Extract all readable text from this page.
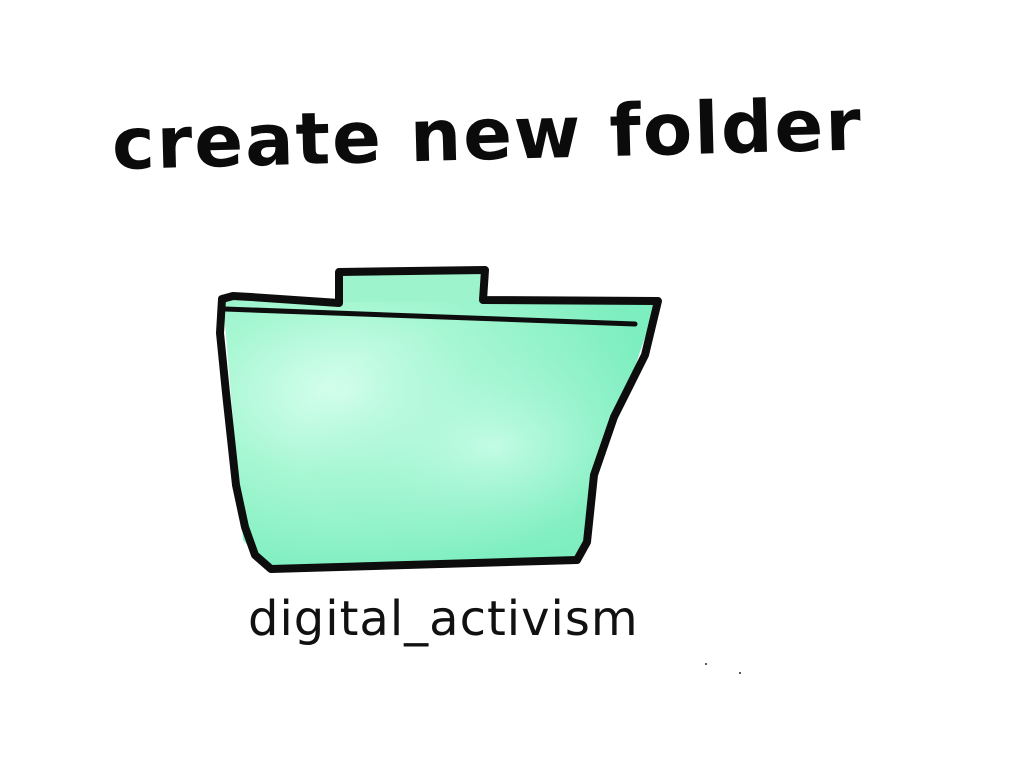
create new folder
digital_activism
